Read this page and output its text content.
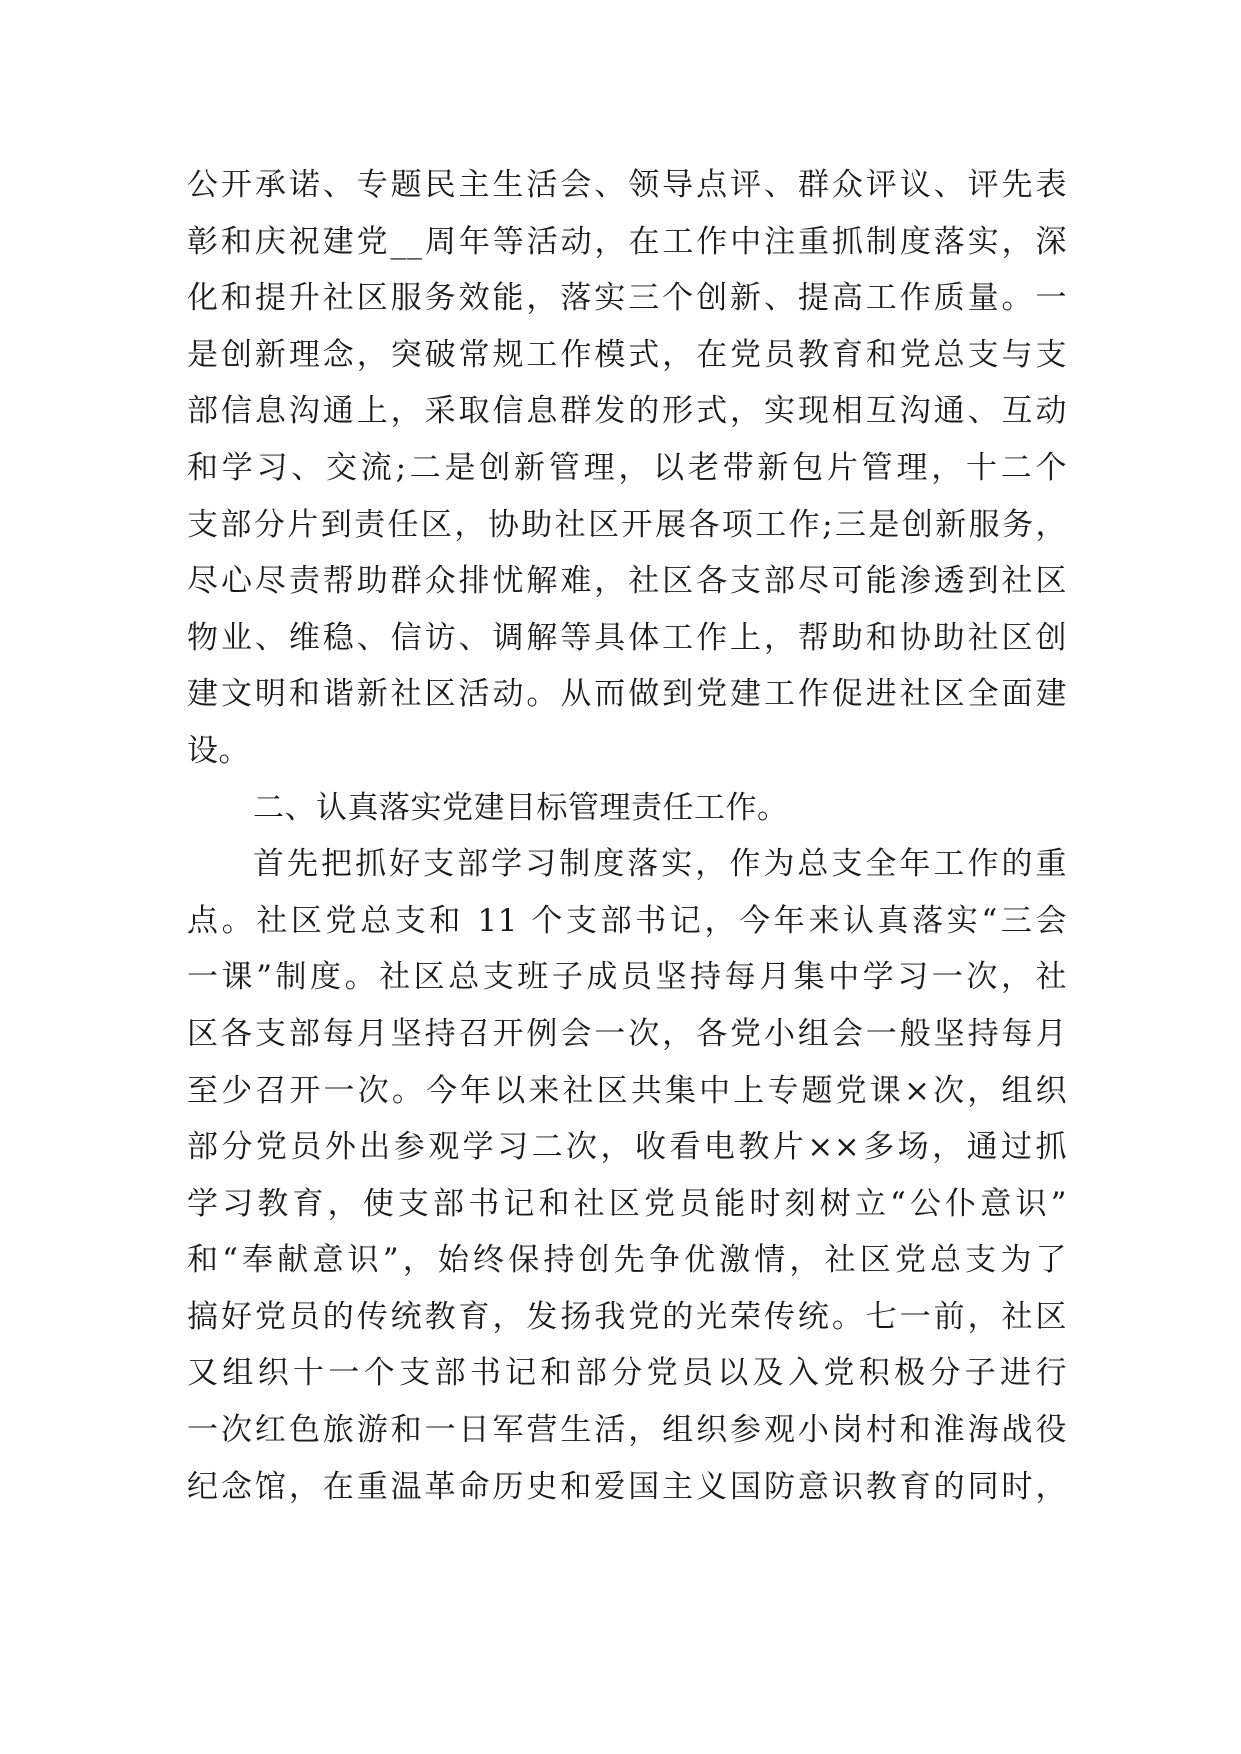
公开承诺、专题民主生活会、领导点评、群众评议、评先表
彰和庆祝建党__周年等活动，在工作中注重抓制度落实，深
化和提升社区服务效能，落实三个创新、提高工作质量。一
是创新理念，突破常规工作模式，在党员教育和党总支与支
部信息沟通上，采取信息群发的形式，实现相互沟通、互动
和学习、交流;二是创新管理，以老带新包片管理，十二个
支部分片到责任区，协助社区开展各项工作;三是创新服务，
尽心尽责帮助群众排忧解难，社区各支部尽可能渗透到社区
物业、维稳、信访、调解等具体工作上，帮助和协助社区创
建文明和谐新社区活动。从而做到党建工作促进社区全面建
设。
二、认真落实党建目标管理责任工作。
首先把抓好支部学习制度落实，作为总支全年工作的重
点。社区党总支和 11 个支部书记，今年来认真落实“三会
一课”制度。社区总支班子成员坚持每月集中学习一次，社
区各支部每月坚持召开例会一次，各党小组会一般坚持每月
至少召开一次。今年以来社区共集中上专题党课×次，组织
部分党员外出参观学习二次，收看电教片××多场，通过抓
学习教育，使支部书记和社区党员能时刻树立“公仆意识”
和“奉献意识”，始终保持创先争优激情，社区党总支为了
搞好党员的传统教育，发扬我党的光荣传统。七一前，社区
又组织十一个支部书记和部分党员以及入党积极分子进行
一次红色旅游和一日军营生活，组织参观小岗村和淮海战役
纪念馆，在重温革命历史和爱国主义国防意识教育的同时，
